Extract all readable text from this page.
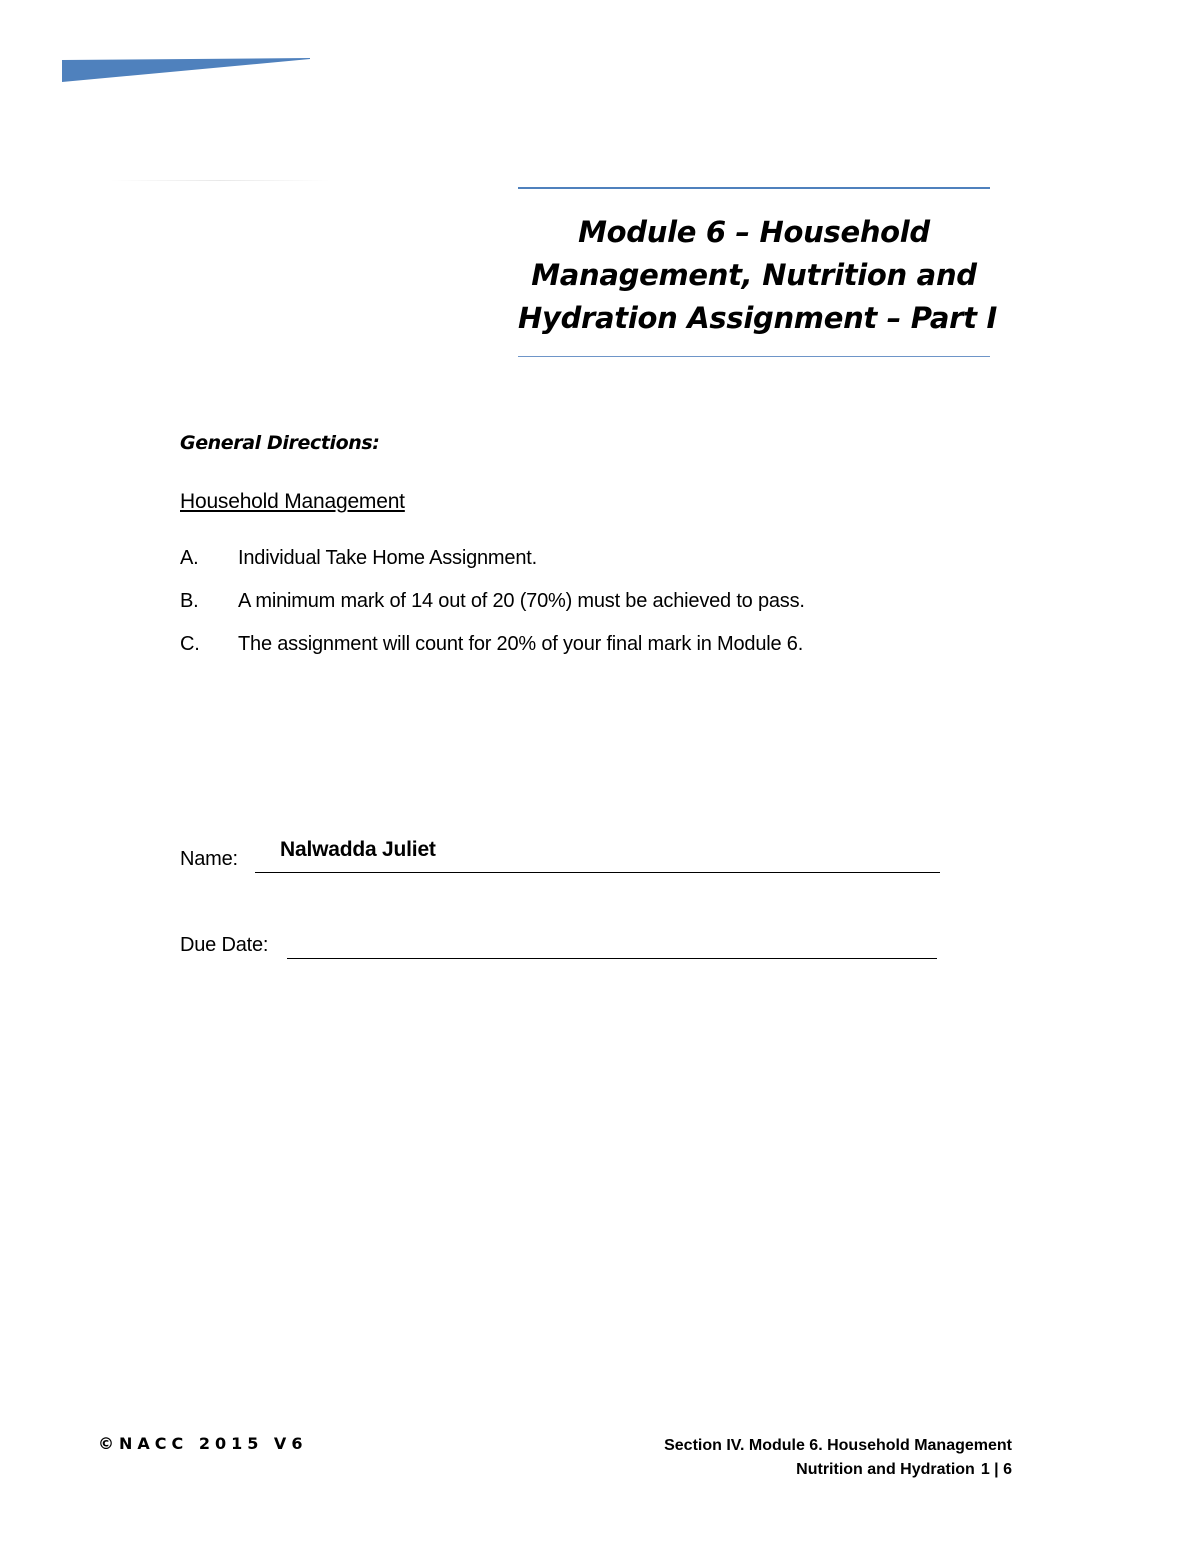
Module 6 – Household
Management, Nutrition and
Hydration Assignment – Part I
General Directions:
Household Management
A. Individual Take Home Assignment.
B. A minimum mark of 14 out of 20 (70%) must be achieved to pass.
C. The assignment will count for 20% of your final mark in Module 6.
Name: Nalwadda Juliet
Due Date:
©NACC 2015 V6	Section IV. Module 6. Household Management
Nutrition and Hydration 1 | 6
